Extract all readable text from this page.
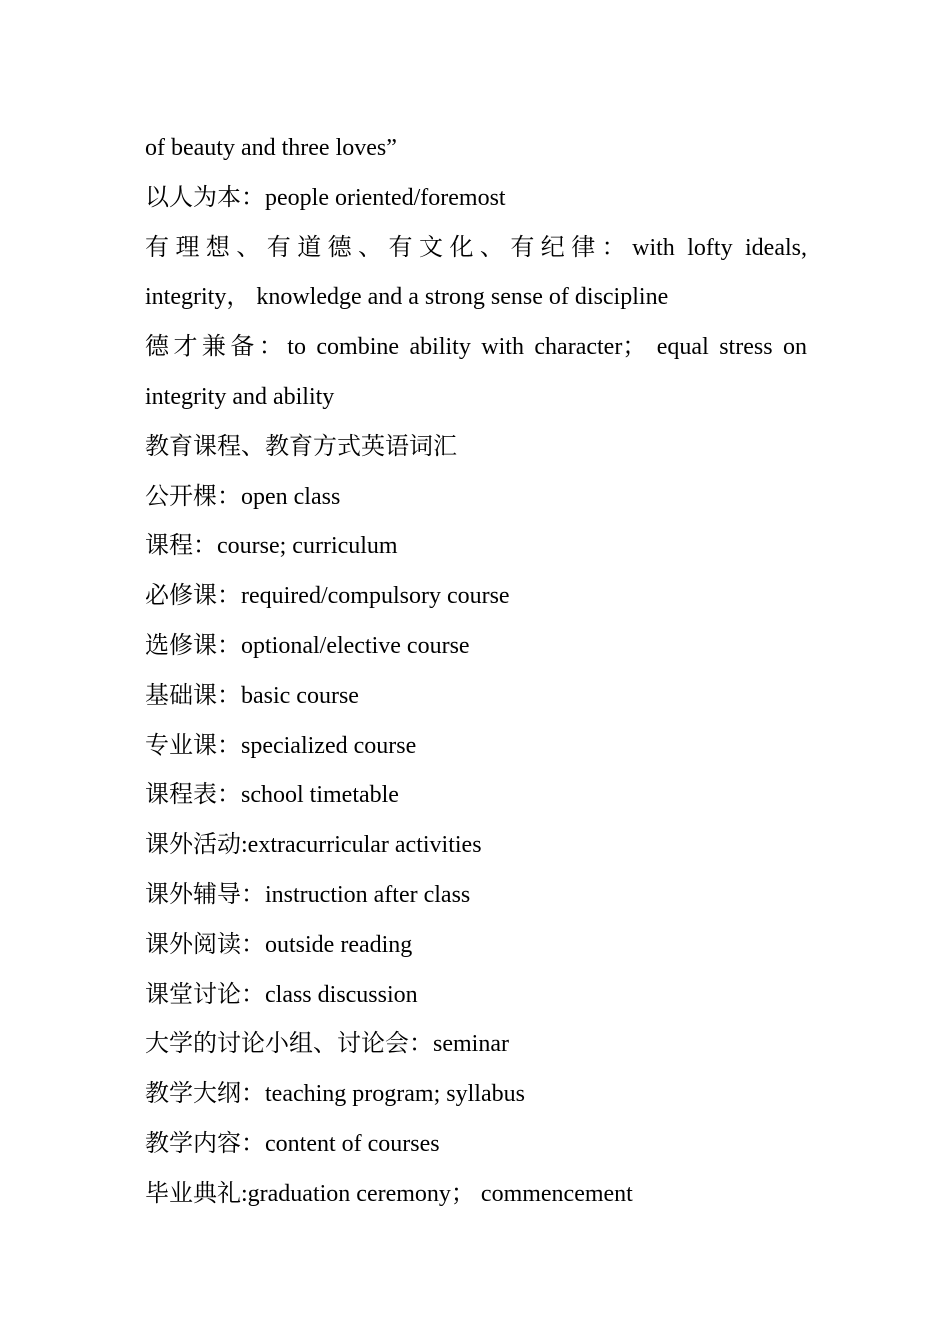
of beauty and three loves”
以人为本：people oriented/foremost
有理想、有道德、有文化、有纪律：with lofty ideals,
integrity， knowledge and a strong sense of discipline
德才兼备：to combine ability with character； equal stress on
integrity and ability
教育课程、教育方式英语词汇
公开棵：open class
课程：course; curriculum
必修课：required/compulsory course
选修课：optional/elective course
基础课：basic course
专业课：specialized course
课程表：school timetable
课外活动:extracurricular activities
课外辅导：instruction after class
课外阅读：outside reading
课堂讨论：class discussion
大学的讨论小组、讨论会：seminar
教学大纲：teaching program; syllabus
教学内容：content of courses
毕业典礼:graduation ceremony； commencement
